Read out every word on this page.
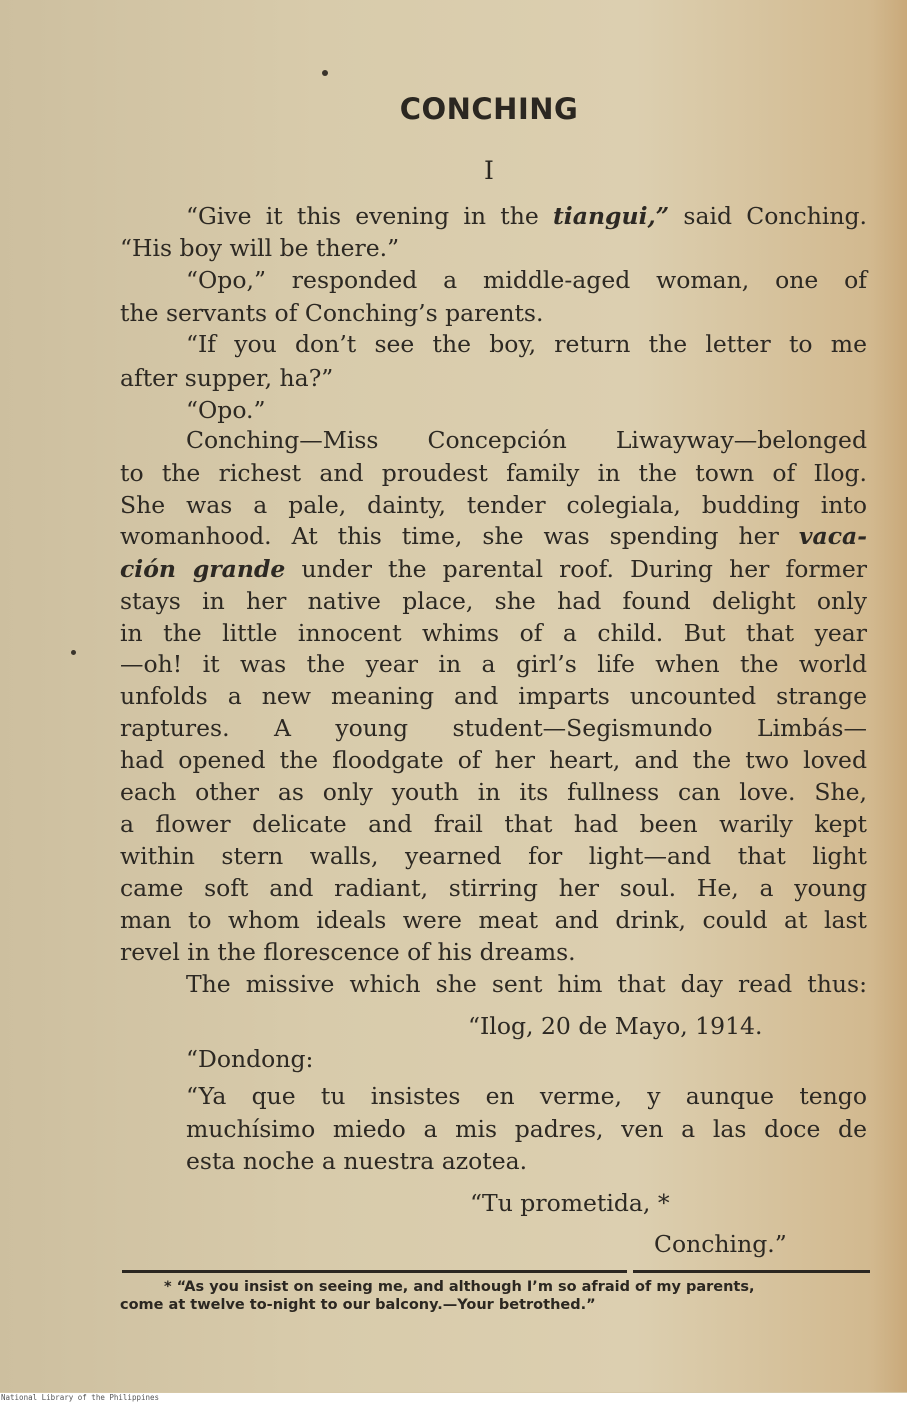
CONCHING
I
“Give it this evening in the tiangui,” said Conching.
“His boy will be there.”
“Opo,” responded a middle-aged woman, one of
the servants of Conching’s parents.
“If you don’t see the boy, return the letter to me
after supper, ha?”
“Opo.”
Conching—Miss Concepción Liwayway—belonged
to the richest and proudest family in the town of Ilog.
She was a pale, dainty, tender colegiala, budding into
womanhood. At this time, she was spending her vaca-
ción grande under the parental roof. During her former
stays in her native place, she had found delight only
in the little innocent whims of a child. But that year
—oh! it was the year in a girl’s life when the world
unfolds a new meaning and imparts uncounted strange
raptures. A young student—Segismundo Limbás—
had opened the floodgate of her heart, and the two loved
each other as only youth in its fullness can love. She,
a flower delicate and frail that had been warily kept
within stern walls, yearned for light—and that light
came soft and radiant, stirring her soul. He, a young
man to whom ideals were meat and drink, could at last
revel in the florescence of his dreams.
The missive which she sent him that day read thus:
“Ilog, 20 de Mayo, 1914.
“Dondong:
“Ya que tu insistes en verme, y aunque tengo
muchísimo miedo a mis padres, ven a las doce de
esta noche a nuestra azotea.
“Tu prometida, *
Conching.”
* “As you insist on seeing me, and although I’m so afraid of my parents,
come at twelve to-night to our balcony.—Your betrothed.”
National Library of the Philippines
